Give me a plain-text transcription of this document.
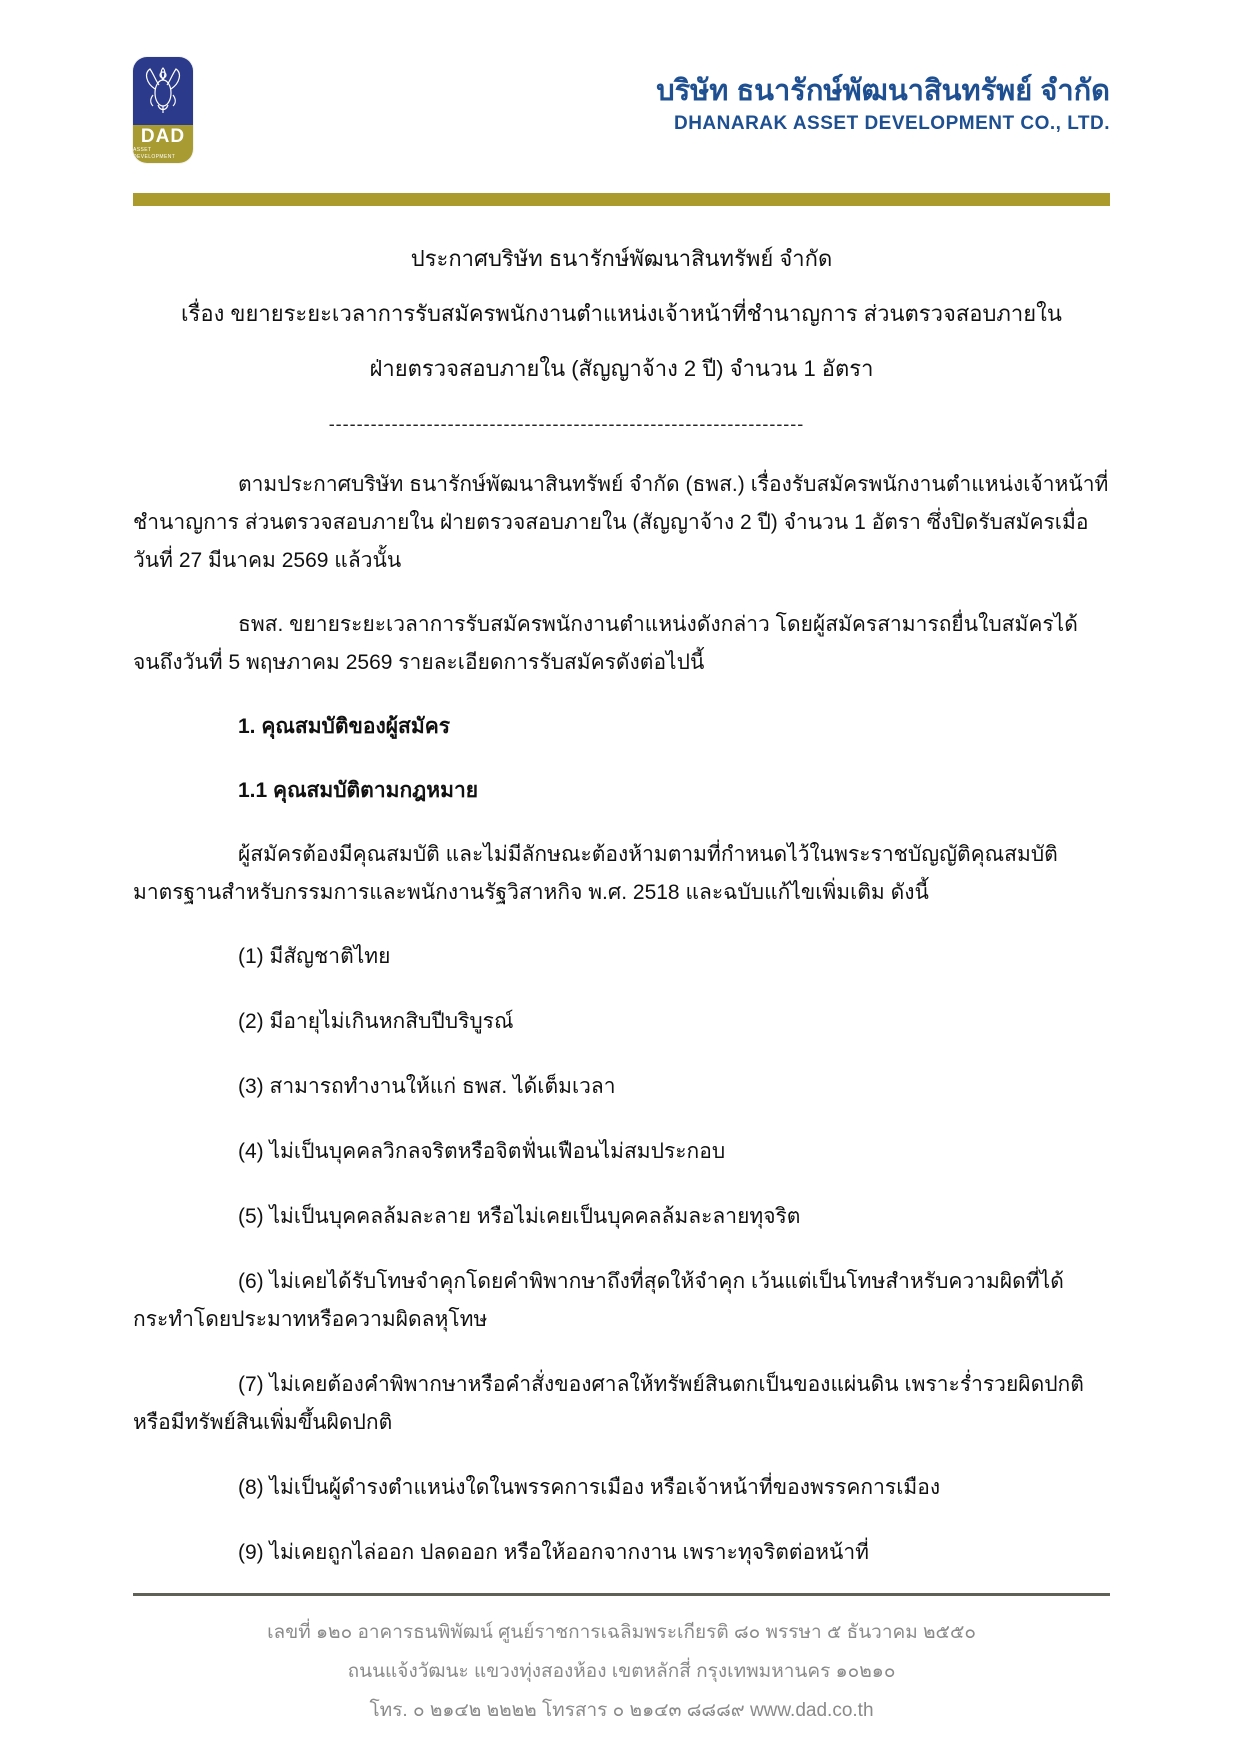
DAD
ASSET DEVELOPMENT
บริษัท ธนารักษ์พัฒนาสินทรัพย์ จำกัด
DHANARAK ASSET DEVELOPMENT CO., LTD.
ประกาศบริษัท ธนารักษ์พัฒนาสินทรัพย์ จำกัด
เรื่อง ขยายระยะเวลาการรับสมัครพนักงานตำแหน่งเจ้าหน้าที่ชำนาญการ ส่วนตรวจสอบภายใน
ฝ่ายตรวจสอบภายใน (สัญญาจ้าง 2 ปี) จำนวน 1 อัตรา
--------------------------------------------------------------------

ตามประกาศบริษัท ธนารักษ์พัฒนาสินทรัพย์ จำกัด (ธพส.) เรื่องรับสมัครพนักงานตำแหน่งเจ้าหน้าที่ชำนาญการ ส่วนตรวจสอบภายใน ฝ่ายตรวจสอบภายใน (สัญญาจ้าง 2 ปี) จำนวน 1 อัตรา ซึ่งปิดรับสมัครเมื่อวันที่ 27 มีนาคม 2569 แล้วนั้น

ธพส. ขยายระยะเวลาการรับสมัครพนักงานตำแหน่งดังกล่าว โดยผู้สมัครสามารถยื่นใบสมัครได้จนถึงวันที่ 5 พฤษภาคม 2569 รายละเอียดการรับสมัครดังต่อไปนี้

1. คุณสมบัติของผู้สมัคร

1.1 คุณสมบัติตามกฎหมาย

ผู้สมัครต้องมีคุณสมบัติ และไม่มีลักษณะต้องห้ามตามที่กำหนดไว้ในพระราชบัญญัติคุณสมบัติมาตรฐานสำหรับกรรมการและพนักงานรัฐวิสาหกิจ พ.ศ. 2518 และฉบับแก้ไขเพิ่มเติม ดังนี้

(1) มีสัญชาติไทย

(2) มีอายุไม่เกินหกสิบปีบริบูรณ์

(3) สามารถทำงานให้แก่ ธพส. ได้เต็มเวลา

(4) ไม่เป็นบุคคลวิกลจริตหรือจิตฟั่นเฟือนไม่สมประกอบ

(5) ไม่เป็นบุคคลล้มละลาย หรือไม่เคยเป็นบุคคลล้มละลายทุจริต

(6) ไม่เคยได้รับโทษจำคุกโดยคำพิพากษาถึงที่สุดให้จำคุก เว้นแต่เป็นโทษสำหรับความผิดที่ได้กระทำโดยประมาทหรือความผิดลหุโทษ

(7) ไม่เคยต้องคำพิพากษาหรือคำสั่งของศาลให้ทรัพย์สินตกเป็นของแผ่นดิน เพราะร่ำรวยผิดปกติหรือมีทรัพย์สินเพิ่มขึ้นผิดปกติ

(8) ไม่เป็นผู้ดำรงตำแหน่งใดในพรรคการเมือง หรือเจ้าหน้าที่ของพรรคการเมือง

(9) ไม่เคยถูกไล่ออก ปลดออก หรือให้ออกจากงาน เพราะทุจริตต่อหน้าที่

เลขที่ ๑๒๐ อาคารธนพิพัฒน์ ศูนย์ราชการเฉลิมพระเกียรติ ๘๐ พรรษา ๕ ธันวาคม ๒๕๕๐
ถนนแจ้งวัฒนะ แขวงทุ่งสองห้อง เขตหลักสี่ กรุงเทพมหานคร ๑๐๒๑๐
โทร. ๐ ๒๑๔๒ ๒๒๒๒ โทรสาร ๐ ๒๑๔๓ ๘๘๘๙ www.dad.co.th
